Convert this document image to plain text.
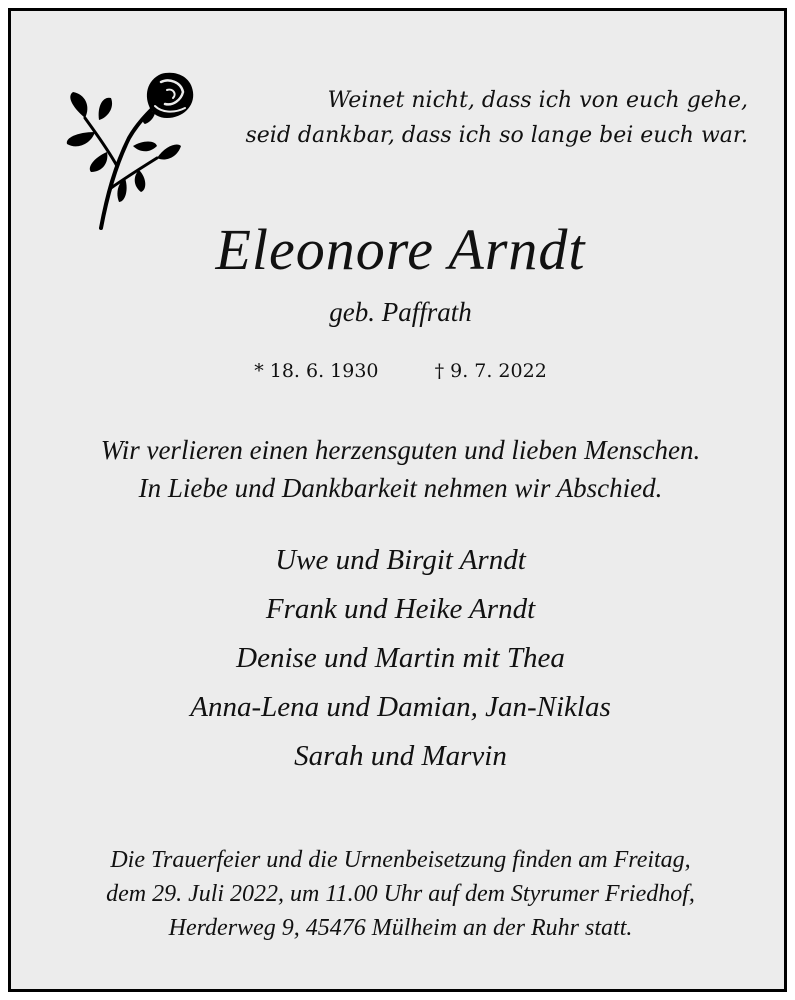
Weinet nicht, dass ich von euch gehe,
seid dankbar, dass ich so lange bei euch war.
Eleonore Arndt
geb. Paffrath
* 18. 6. 1930	† 9. 7. 2022
Wir verlieren einen herzensguten und lieben Menschen.
In Liebe und Dankbarkeit nehmen wir Abschied.
Uwe und Birgit Arndt
Frank und Heike Arndt
Denise und Martin mit Thea
Anna-Lena und Damian, Jan-Niklas
Sarah und Marvin
Die Trauerfeier und die Urnenbeisetzung finden am Freitag,
dem 29. Juli 2022, um 11.00 Uhr auf dem Styrumer Friedhof,
Herderweg 9, 45476 Mülheim an der Ruhr statt.
